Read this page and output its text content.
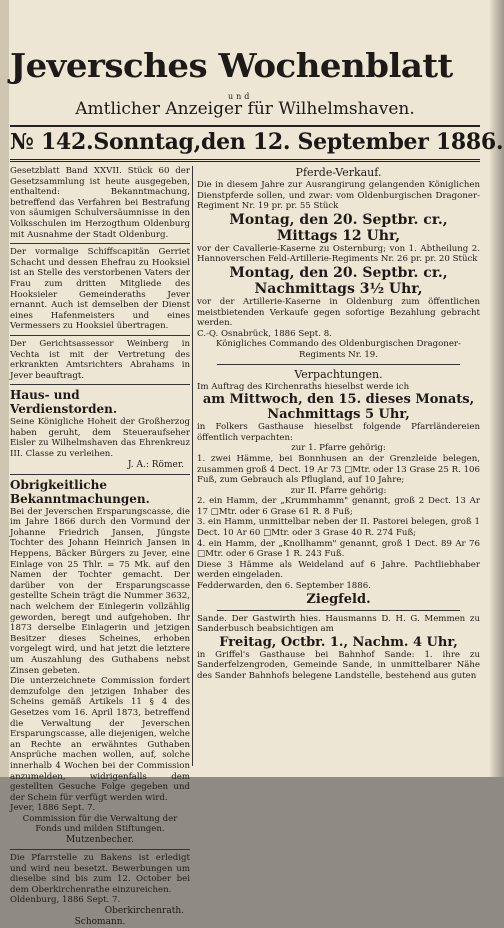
Jeversches Wochenblatt
und
Amtlicher Anzeiger für Wilhelmshaven.
№ 142. Sonntag, den 12. September 1886.

Gesetzblatt Band XXVII. Stück 60 der Gesetzsammlung ist heute ausgegeben, enthaltend: Bekanntmachung, betreffend das Verfahren bei Bestrafung von säumigen Schulversäumnisse in den Volksschulen im Herzogthum Oldenburg mit Ausnahme der Stadt Oldenburg.

Der vormalige Schiffscapitän Gerriet Schacht und dessen Ehefrau zu Hooksiel ist an Stelle des verstorbenen Vaters der Frau zum dritten Mitgliede des Hooksieler Gemeinderaths Jever ernannt. Auch ist demselben der Dienst eines Hafenmeisters und eines Vermessers zu Hooksiel übertragen.

Der Gerichtsassessor Weinberg in Vechta ist mit der Vertretung des erkrankten Amtsrichters Abrahams in Jever beauftragt.

Haus- und Verdienstorden.

Seine Königliche Hoheit der Großherzog haben geruht, dem Steueraufseher Eisler zu Wilhelmshaven das Ehrenkreuz III. Classe zu verleihen.

J. A.: Römer.

Obrigkeitliche Bekanntmachungen.

Bei der Jeverschen Ersparungscasse, die im Jahre 1866 durch den Vormund der Johanne Friedrich Jansen, Jüngste Tochter des Johann Heinrich Jansen in Heppens, Bäcker Bürgers zu Jever, eine Einlage von 25 Thlr. = 75 Mk. auf den Namen der Tochter gemacht. Der darüber von der Ersparungscasse gestellte Schein trägt die Nummer 3632, nach welchem der Einlegerin vollzählig geworden, beregt und aufgehoben. Ihr 1873 derselbe Einlagerin und jetzigen Besitzer dieses Scheines, erhoben vorgelegt wird, und hat jetzt die letztere um Auszahlung des Guthabens nebst Zinsen gebeten.

Die unterzeichnete Commission fordert demzufolge den jetzigen Inhaber des Scheins gemäß Artikels 11 § 4 des Gesetzes vom 16. April 1873, betreffend die Verwaltung der Jeverschen Ersparungscasse, alle diejenigen, welche an Rechte an erwähntes Guthaben Ansprüche machen wollen, auf, solche innerhalb 4 Wochen bei der Commission anzumelden, widrigenfalls dem gestellten Gesuche Folge gegeben und der Schein für verfügt werden wird.

Jever, 1886 Sept. 7.

Commission für die Verwaltung der Fonds und milden Stiftungen.

Mutzenbecher.

Die Pfarrstelle zu Bakens ist erledigt und wird neu besetzt. Bewerbungen um dieselbe sind bis zum 12. October bei dem Oberkirchenrathe einzureichen.

Oldenburg, 1886 Sept. 7.

Oberkirchenrath.

Schomann.

Pferde-Verkauf.

Die in diesem Jahre zur Ausrangirung gelangenden Königlichen Dienstpferde sollen, und zwar: vom Oldenburgischen Dragoner-Regiment Nr. 19 pr. pr. 55 Stück

Montag, den 20. Septbr. cr., Mittags 12 Uhr,

vor der Cavallerie-Kaserne zu Osternburg; von 1. Abtheilung 2. Hannoverschen Feld-Artillerie-Regiments Nr. 26 pr. pr. 20 Stück

Montag, den 20. Septbr. cr., Nachmittags 3½ Uhr,

vor der Artillerie-Kaserne in Oldenburg zum öffentlichen meistbietenden Verkaufe gegen sofortige Bezahlung gebracht werden.

C.-Q. Osnabrück, 1886 Sept. 8.

Königliches Commando des Oldenburgischen Dragoner-Regiments Nr. 19.

Verpachtungen.

Im Auftrag des Kirchenraths hieselbst werde ich

am Mittwoch, den 15. dieses Monats, Nachmittags 5 Uhr,

in Folkers Gasthause hieselbst folgende Pfarrländereien öffentlich verpachten:

zur 1. Pfarre gehörig:

1. zwei Hämme, bei Bonnhusen an der Grenzleide belegen, zusammen groß 4 Dect. 19 Ar 73 □Mtr. oder 13 Grase 25 R. 106 Fuß, zum Gebrauch als Pflugland, auf 10 Jahre;

zur II. Pfarre gehörig:

2. ein Hamm, der „Krummhamm" genannt, groß 2 Dect. 13 Ar 17 □Mtr. oder 6 Grase 61 R. 8 Fuß;

3. ein Hamm, unmittelbar neben der II. Pastorei belegen, groß 1 Dect. 10 Ar 60 □Mtr. oder 3 Grase 40 R. 274 Fuß;

4. ein Hamm, der „Knollhamm" genannt, groß 1 Dect. 89 Ar 76 □Mtr. oder 6 Grase 1 R. 243 Fuß.

Diese 3 Hämme als Weideland auf 6 Jahre. Pachtliebhaber werden eingeladen.

Fedderwarden, den 6. September 1886.

Ziegfeld.

Sande. Der Gastwirth hies. Hausmanns D. H. G. Memmen zu Sanderbusch beabsichtigen am

Freitag, Octbr. 1., Nachm. 4 Uhr,

in Griffel's Gasthause bei Bahnhof Sande: 1. ihre zu Sanderfelzengroden, Gemeinde Sande, in unmittelbarer Nähe des Sander Bahnhofs belegene Landstelle, bestehend aus guten
